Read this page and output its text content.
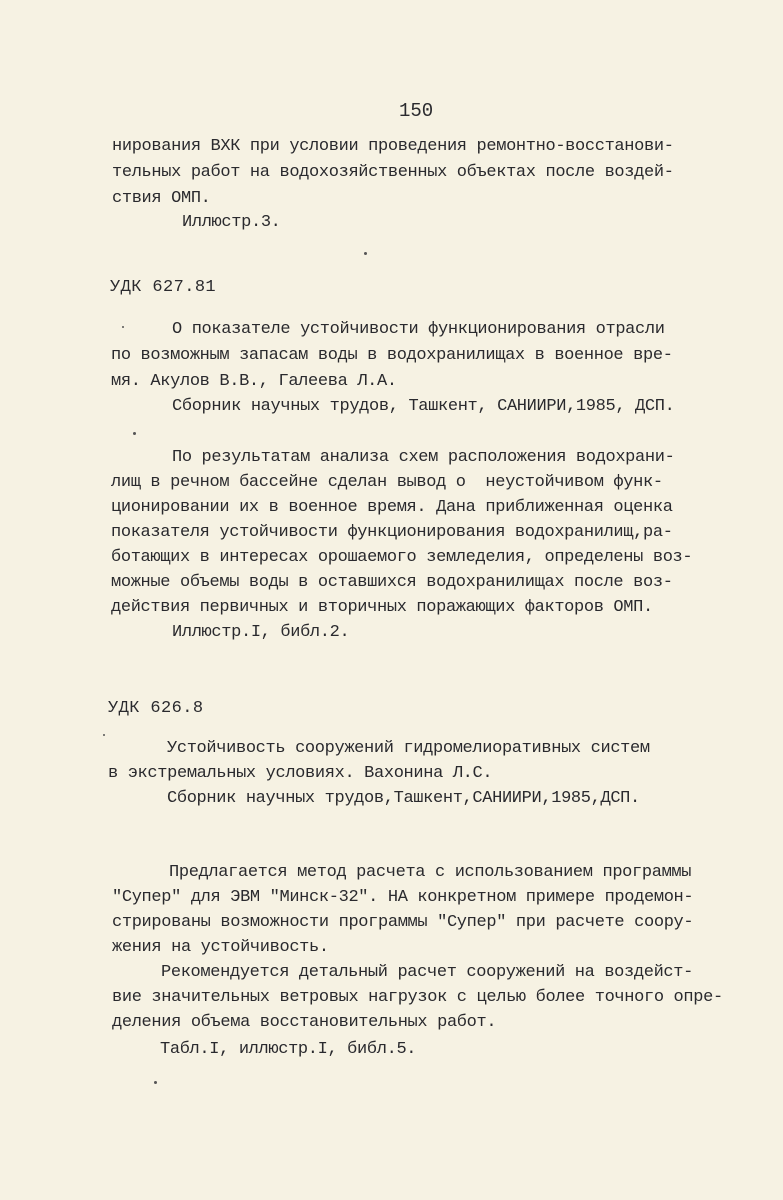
150
нирования ВХК при условии проведения ремонтно-восстанови-
тельных работ на водохозяйственных объектах после воздей-
ствия ОМП.
Иллюстр.3.
УДК 627.81
О показателе устойчивости функционирования отрасли
по возможным запасам воды в водохранилищах в военное вре-
мя. Акулов В.В., Галеева Л.А.
Сборник научных трудов, Ташкент, САНИИРИ,1985, ДСП.
По результатам анализа схем расположения водохрани-
лищ в речном бассейне сделан вывод о  неустойчивом функ-
ционировании их в военное время. Дана приближенная оценка
показателя устойчивости функционирования водохранилищ,ра-
ботающих в интересах орошаемого земледелия, определены воз-
можные объемы воды в оставшихся водохранилищах после воз-
действия первичных и вторичных поражающих факторов ОМП.
Иллюстр.I, библ.2.
УДК 626.8
Устойчивость сооружений гидромелиоративных систем
в экстремальных условиях. Вахонина Л.С.
Сборник научных трудов,Ташкент,САНИИРИ,1985,ДСП.
Предлагается метод расчета с использованием программы
"Супер" для ЭВМ "Минск-32". НА конкретном примере продемон-
стрированы возможности программы "Супер" при расчете соору-
жения на устойчивость.
Рекомендуется детальный расчет сооружений на воздейст-
вие значительных ветровых нагрузок с целью более точного опре-
деления объема восстановительных работ.
Табл.I, иллюстр.I, библ.5.
